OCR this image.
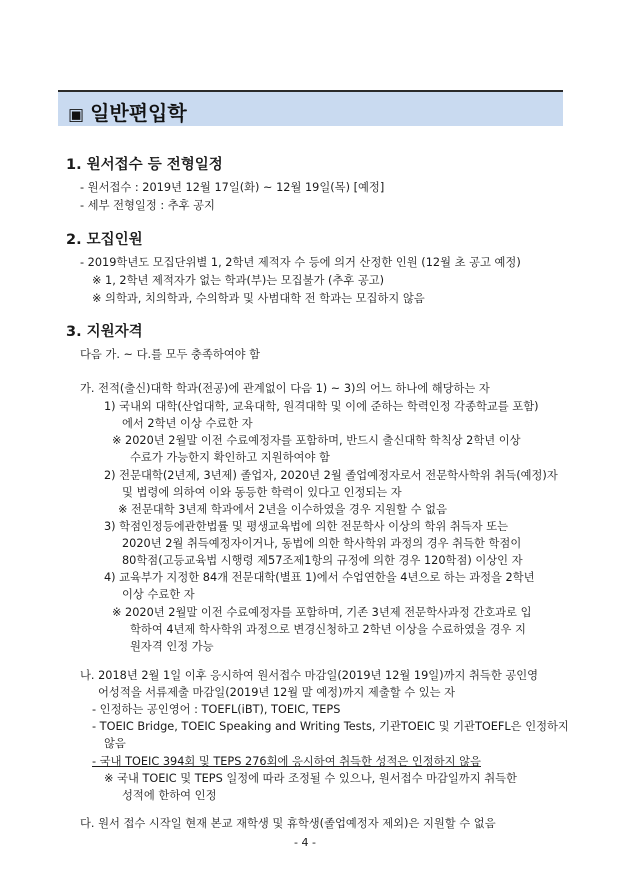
▣ 일반편입학
1. 원서접수 등 전형일정
- 원서접수 : 2019년 12월 17일(화) ~ 12월 19일(목) [예정]
- 세부 전형일정 : 추후 공지
2. 모집인원
- 2019학년도 모집단위별 1, 2학년 제적자 수 등에 의거 산정한 인원 (12월 초 공고 예정)
※ 1, 2학년 제적자가 없는 학과(부)는 모집불가 (추후 공고)
※ 의학과, 치의학과, 수의학과 및 사범대학 전 학과는 모집하지 않음
3. 지원자격
다음 가. ~ 다.를 모두 충족하여야 함
가. 전적(출신)대학 학과(전공)에 관계없이 다음 1) ~ 3)의 어느 하나에 해당하는 자
1) 국내외 대학(산업대학, 교육대학, 원격대학 및 이에 준하는 학력인정 각종학교를 포함)
에서 2학년 이상 수료한 자
※ 2020년 2월말 이전 수료예정자를 포함하며, 반드시 출신대학 학칙상 2학년 이상
수료가 가능한지 확인하고 지원하여야 함
2) 전문대학(2년제, 3년제) 졸업자, 2020년 2월 졸업예정자로서 전문학사학위 취득(예정)자
및 법령에 의하여 이와 동등한 학력이 있다고 인정되는 자
※ 전문대학 3년제 학과에서 2년을 이수하였을 경우 지원할 수 없음
3) 학점인정등에관한법률 및 평생교육법에 의한 전문학사 이상의 학위 취득자 또는
2020년 2월 취득예정자이거나, 동법에 의한 학사학위 과정의 경우 취득한 학점이
80학점(고등교육법 시행령 제57조제1항의 규정에 의한 경우 120학점) 이상인 자
4) 교육부가 지정한 84개 전문대학(별표 1)에서 수업연한을 4년으로 하는 과정을 2학년
이상 수료한 자
※ 2020년 2월말 이전 수료예정자를 포함하며, 기존 3년제 전문학사과정 간호과로 입
학하여 4년제 학사학위 과정으로 변경신청하고 2학년 이상을 수료하였을 경우 지
원자격 인정 가능
나. 2018년 2월 1일 이후 응시하여 원서접수 마감일(2019년 12월 19일)까지 취득한 공인영
어성적을 서류제출 마감일(2019년 12월 말 예정)까지 제출할 수 있는 자
- 인정하는 공인영어 : TOEFL(iBT), TOEIC, TEPS
- TOEIC Bridge, TOEIC Speaking and Writing Tests, 기관TOEIC 및 기관TOEFL은 인정하지
않음
- 국내 TOEIC 394회 및 TEPS 276회에 응시하여 취득한 성적은 인정하지 않음
※ 국내 TOEIC 및 TEPS 일정에 따라 조정될 수 있으나, 원서접수 마감일까지 취득한
성적에 한하여 인정
다. 원서 접수 시작일 현재 본교 재학생 및 휴학생(졸업예정자 제외)은 지원할 수 없음
- 4 -
